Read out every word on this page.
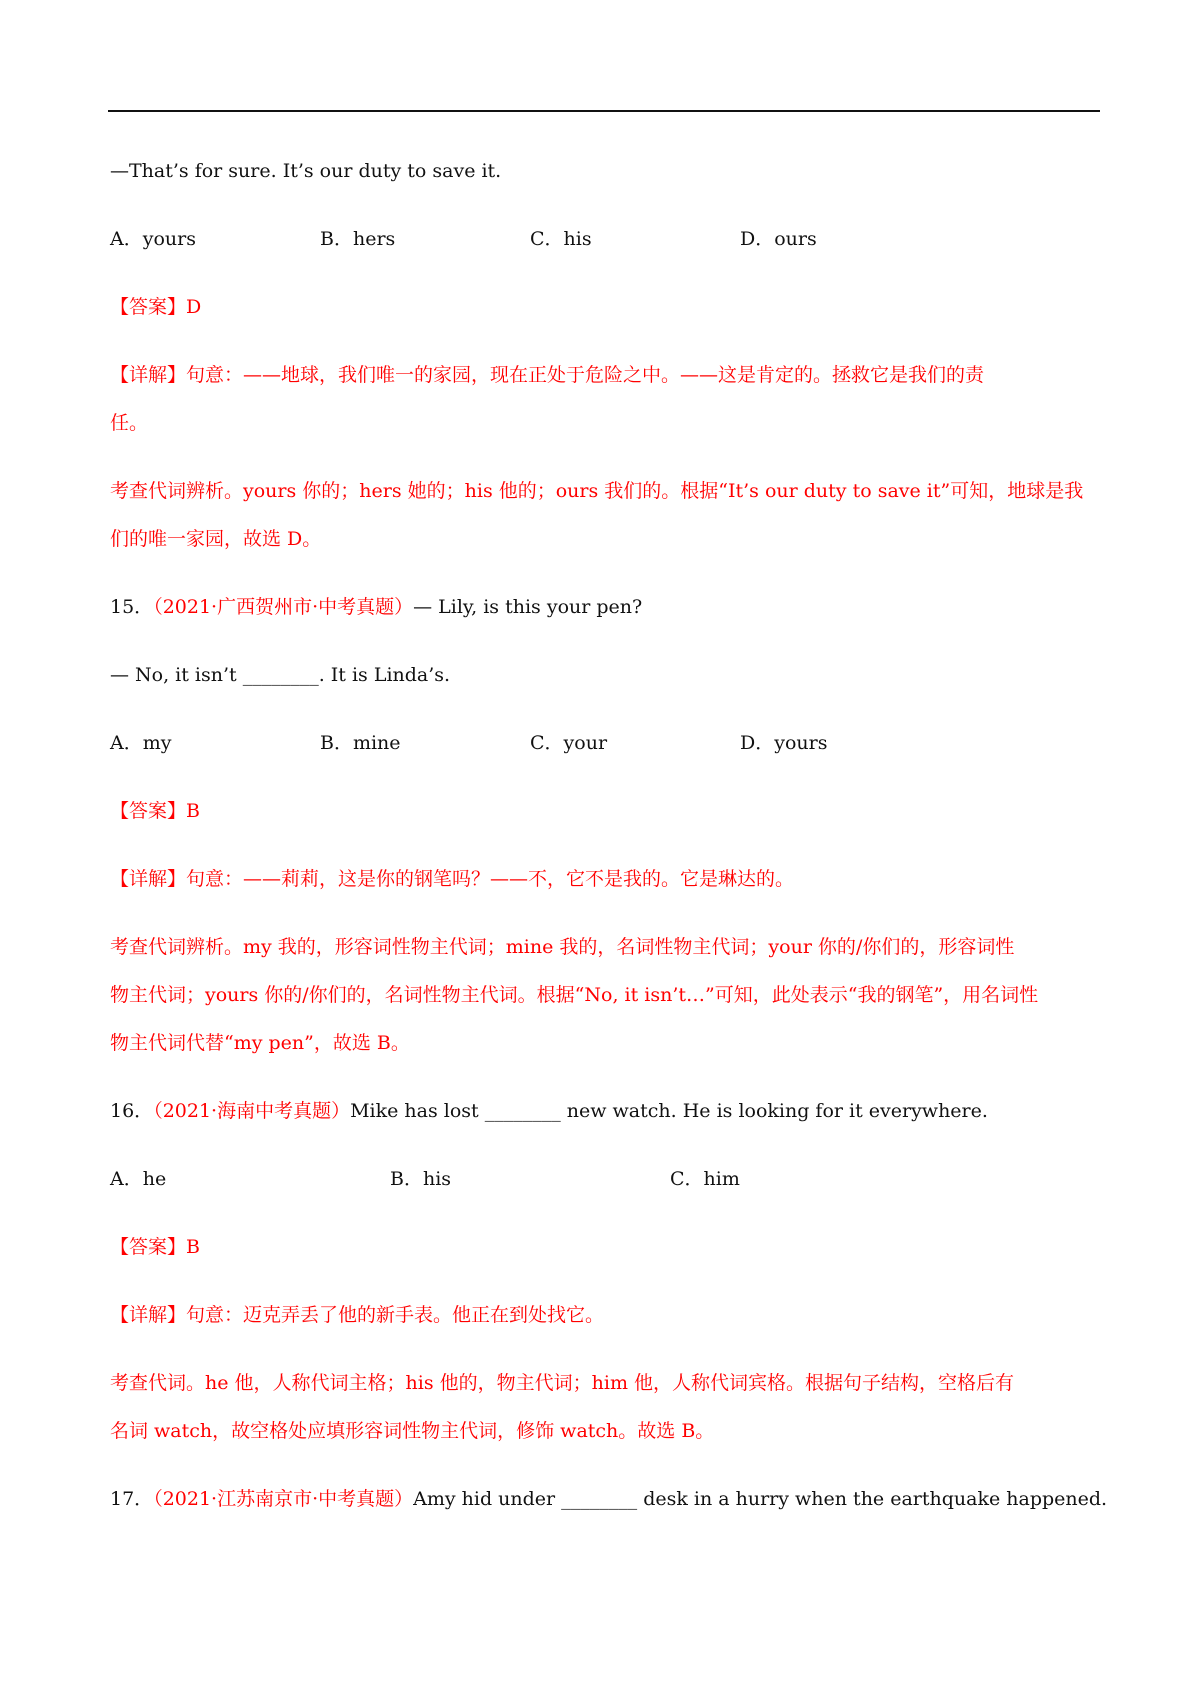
—That’s for sure. It’s our duty to save it.
A．yours	B．hers	C．his	D．ours
【答案】D
【详解】句意：——地球，我们唯一的家园，现在正处于危险之中。——这是肯定的。拯救它是我们的责
任。
考查代词辨析。yours 你的；hers 她的；his 他的；ours 我们的。根据“It’s our duty to save it”可知，地球是我
们的唯一家园，故选 D。
15．（2021·广西贺州市·中考真题）— Lily, is this your pen?
— No, it isn’t ________. It is Linda’s.
A．my	B．mine	C．your	D．yours
【答案】B
【详解】句意：——莉莉，这是你的钢笔吗？——不，它不是我的。它是琳达的。
考查代词辨析。my 我的，形容词性物主代词；mine 我的，名词性物主代词；your 你的/你们的，形容词性
物主代词；yours 你的/你们的，名词性物主代词。根据“No, it isn’t…”可知，此处表示“我的钢笔”，用名词性
物主代词代替“my pen”，故选 B。
16．（2021·海南中考真题）Mike has lost ________ new watch. He is looking for it everywhere.
A．he	B．his	C．him
【答案】B
【详解】句意：迈克弄丢了他的新手表。他正在到处找它。
考查代词。he 他，人称代词主格；his 他的，物主代词；him 他，人称代词宾格。根据句子结构，空格后有
名词 watch，故空格处应填形容词性物主代词，修饰 watch。故选 B。
17．（2021·江苏南京市·中考真题）Amy hid under ________ desk in a hurry when the earthquake happened.
